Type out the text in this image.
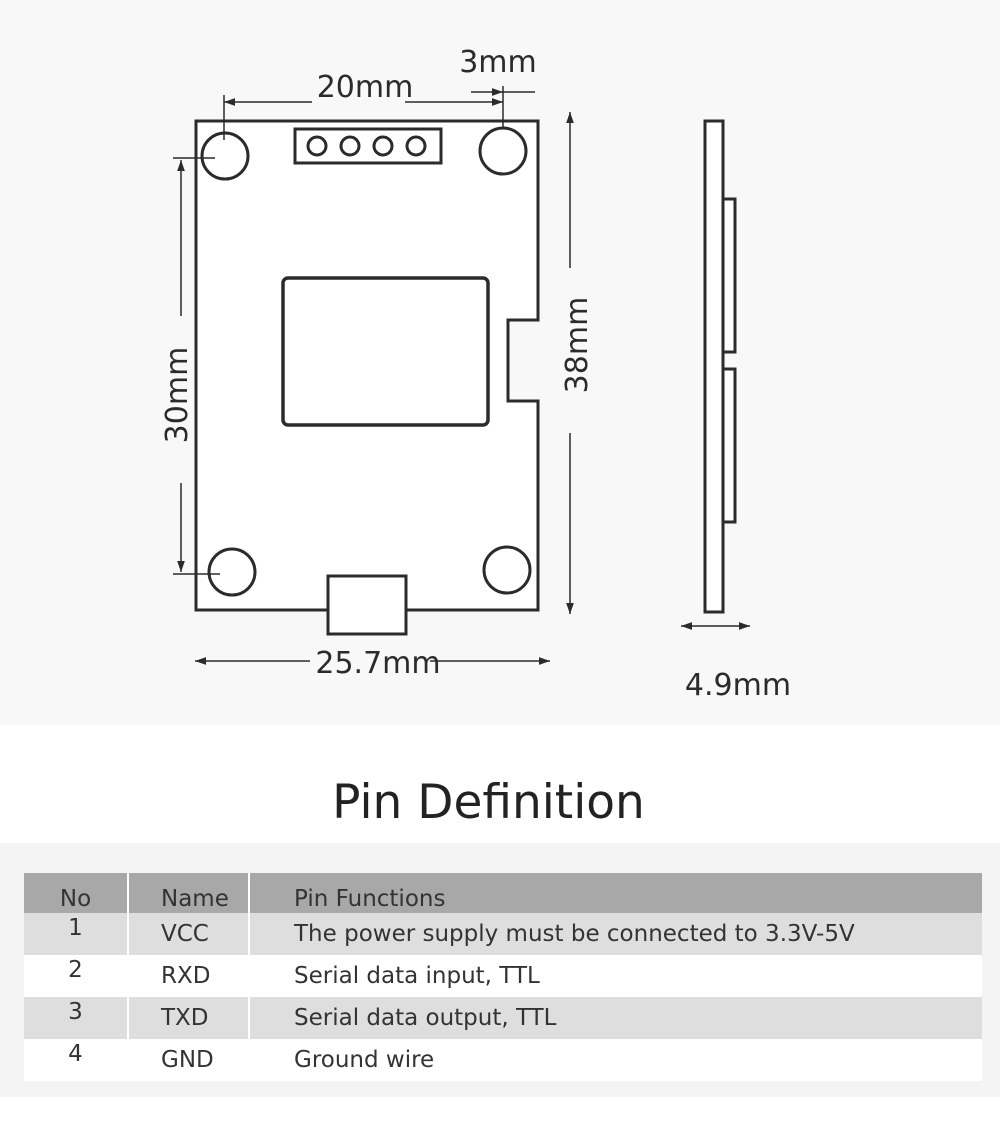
20mm
3mm
30mm
38mm
25.7mm
4.9mm
Pin Definition
No	Name	Pin Functions
1	VCC	The power supply must be connected to 3.3V-5V
2	RXD	Serial data input, TTL
3	TXD	Serial data output, TTL
4	GND	Ground wire
